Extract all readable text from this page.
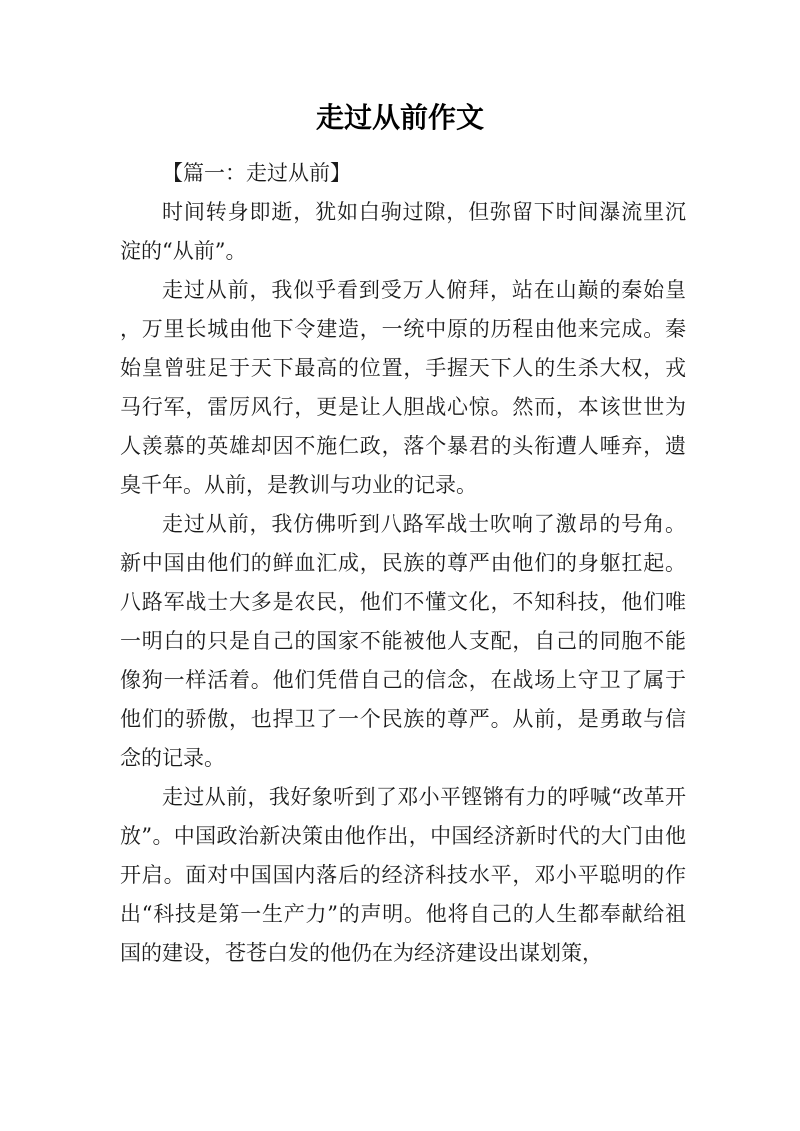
走过从前作文
【篇一：走过从前】

时间转身即逝，犹如白驹过隙，但弥留下时间瀑流里沉淀的“从前”。

走过从前，我似乎看到受万人俯拜，站在山巅的秦始皇，万里长城由他下令建造，一统中原的历程由他来完成。秦始皇曾驻足于天下最高的位置，手握天下人的生杀大权，戎马行军，雷厉风行，更是让人胆战心惊。然而，本该世世为人羡慕的英雄却因不施仁政，落个暴君的头衔遭人唾弃，遗臭千年。从前，是教训与功业的记录。

走过从前，我仿佛听到八路军战士吹响了激昂的号角。新中国由他们的鲜血汇成，民族的尊严由他们的身躯扛起。八路军战士大多是农民，他们不懂文化，不知科技，他们唯一明白的只是自己的国家不能被他人支配，自己的同胞不能像狗一样活着。他们凭借自己的信念，在战场上守卫了属于他们的骄傲，也捍卫了一个民族的尊严。从前，是勇敢与信念的记录。

走过从前，我好象听到了邓小平铿锵有力的呼喊“改革开放”。中国政治新决策由他作出，中国经济新时代的大门由他开启。面对中国国内落后的经济科技水平，邓小平聪明的作出“科技是第一生产力”的声明。他将自己的人生都奉献给祖国的建设，苍苍白发的他仍在为经济建设出谋划策，
